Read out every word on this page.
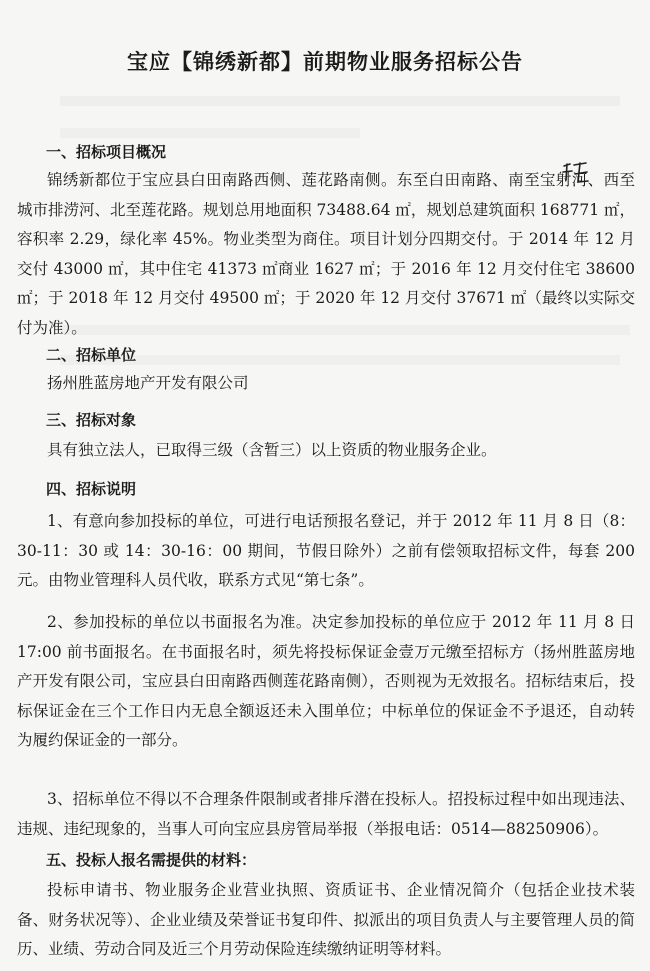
宝应【锦绣新都】前期物业服务招标公告
一、招标项目概况
锦绣新都位于宝应县白田南路西侧、莲花路南侧。东至白田南路、南至宝射河、西至城市排涝河、北至莲花路。规划总用地面积 73488.64 ㎡，规划总建筑面积 168771 ㎡，容积率 2.29，绿化率 45%。物业类型为商住。项目计划分四期交付。于 2014 年 12 月交付 43000 ㎡，其中住宅 41373 ㎡商业 1627 ㎡；于 2016 年 12 月交付住宅 38600 ㎡；于 2018 年 12 月交付 49500 ㎡；于 2020 年 12 月交付 37671 ㎡（最终以实际交付为准）。
二、招标单位
扬州胜蓝房地产开发有限公司
三、招标对象
具有独立法人，已取得三级（含暂三）以上资质的物业服务企业。
四、招标说明
1、有意向参加投标的单位，可进行电话预报名登记，并于 2012 年 11 月 8 日（8：30-11：30 或 14：30-16：00 期间，节假日除外）之前有偿领取招标文件，每套 200 元。由物业管理科人员代收，联系方式见“第七条”。
2、参加投标的单位以书面报名为准。决定参加投标的单位应于 2012 年 11 月 8 日 17:00 前书面报名。在书面报名时，须先将投标保证金壹万元缴至招标方（扬州胜蓝房地产开发有限公司，宝应县白田南路西侧莲花路南侧），否则视为无效报名。招标结束后，投标保证金在三个工作日内无息全额返还未入围单位；中标单位的保证金不予退还，自动转为履约保证金的一部分。
3、招标单位不得以不合理条件限制或者排斥潜在投标人。招投标过程中如出现违法、违规、违纪现象的，当事人可向宝应县房管局举报（举报电话：0514—88250906）。
五、投标人报名需提供的材料：
投标申请书、物业服务企业营业执照、资质证书、企业情况简介（包括企业技术装备、财务状况等）、企业业绩及荣誉证书复印件、拟派出的项目负责人与主要管理人员的简历、业绩、劳动合同及近三个月劳动保险连续缴纳证明等材料。
